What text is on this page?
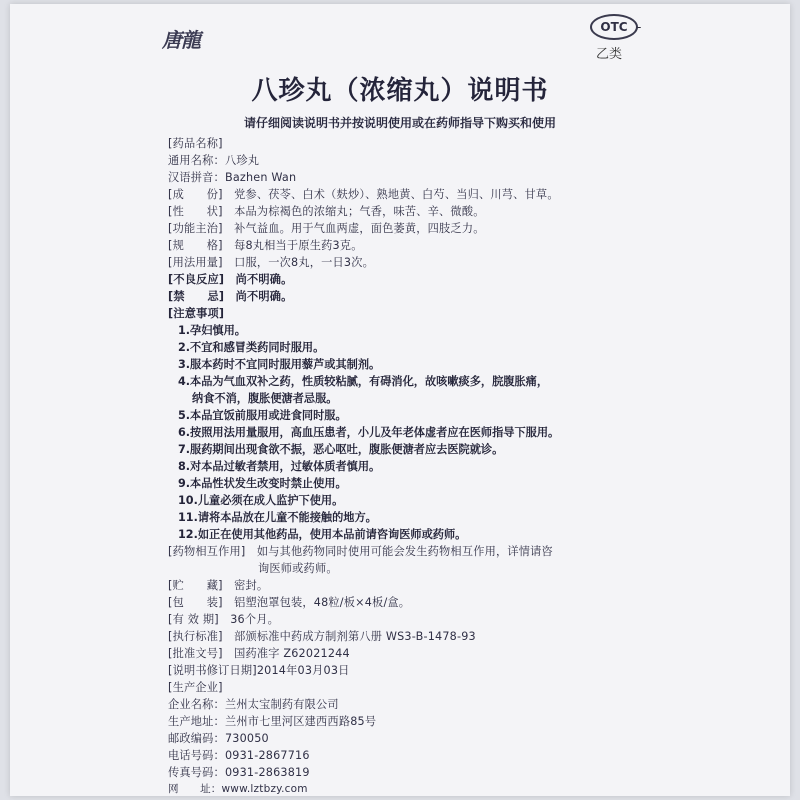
唐龍
OTC -
乙类
八珍丸（浓缩丸）说明书
请仔细阅读说明书并按说明使用或在药师指导下购买和使用
[药品名称]
通用名称：八珍丸
汉语拼音：Bazhen Wan
[成　　份]　党参、茯苓、白术（麸炒）、熟地黄、白芍、当归、川芎、甘草。
[性　　状]　本品为棕褐色的浓缩丸；气香，味苦、辛、微酸。
[功能主治]　补气益血。用于气血两虚，面色萎黄，四肢乏力。
[规　　格]　每8丸相当于原生药3克。
[用法用量]　口服，一次8丸，一日3次。
[不良反应]　尚不明确。
[禁　　忌]　尚不明确。
[注意事项]
1.孕妇慎用。
2.不宜和感冒类药同时服用。
3.服本药时不宜同时服用藜芦或其制剂。
4.本品为气血双补之药，性质较粘腻，有碍消化，故咳嗽痰多，脘腹胀痛，
纳食不消，腹胀便溏者忌服。
5.本品宜饭前服用或进食同时服。
6.按照用法用量服用，高血压患者，小儿及年老体虚者应在医师指导下服用。
7.服药期间出现食欲不振，恶心呕吐，腹胀便溏者应去医院就诊。
8.对本品过敏者禁用，过敏体质者慎用。
9.本品性状发生改变时禁止使用。
10.儿童必须在成人监护下使用。
11.请将本品放在儿童不能接触的地方。
12.如正在使用其他药品，使用本品前请咨询医师或药师。
[药物相互作用]　如与其他药物同时使用可能会发生药物相互作用，详情请咨
询医师或药师。
[贮　　藏]　密封。
[包　　装]　铝塑泡罩包装，48粒/板×4板/盒。
[有 效 期]　36个月。
[执行标准]　部颁标准中药成方制剂第八册 WS3-B-1478-93
[批准文号]　国药准字 Z62021244
[说明书修订日期]2014年03月03日
[生产企业]
企业名称：兰州太宝制药有限公司
生产地址：兰州市七里河区建西西路85号
邮政编码：730050
电话号码：0931-2867716
传真号码：0931-2863819
网　　址：www.lztbzy.com
